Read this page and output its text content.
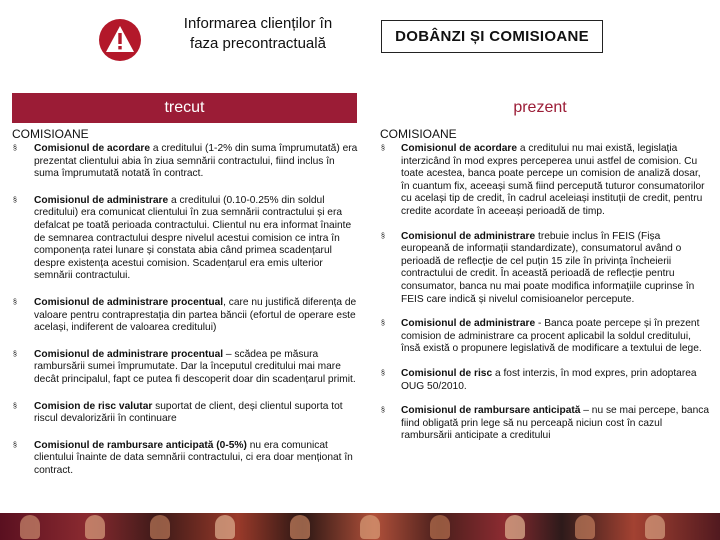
Informarea clienților în
faza precontractuală	DOBÂNZI ȘI COMISIOANE
trecut	prezent
COMISIOANE
§ Comisionul de acordare a creditului (1-2% din suma împrumutată) era prezentat clientului abia în ziua semnării contractului, fiind inclus în suma împrumutată notată în contract.
§ Comisionul de administrare a creditului (0.10-0.25% din soldul creditului) era comunicat clientului în zua semnării contractului și era defalcat pe toată perioada contractului. Clientul nu era informat înainte de semnarea contractului despre nivelul acestui comision ce intra în componența ratei lunare și constata abia când primea scadențarul despre existența acestui comision. Scadențarul era emis ulterior semnării contractului.
§ Comisionul de administrare procentual, care nu justifică diferența de valoare pentru contraprestația din partea băncii (efortul de operare este același, indiferent de valoarea creditului)
§ Comisionul de administrare procentual – scădea pe măsura rambursării sumei împrumutate. Dar la începutul creditului mai mare decât principalul, fapt ce putea fi descoperit doar din scadențarul primit.
§ Comision de risc valutar suportat de client, deși clientul suporta tot riscul devalorizării în continuare
§ Comisionul de rambursare anticipată (0-5%) nu era comunicat clientului înainte de data semnării contractului, ci era doar menționat în contract.
COMISIOANE
§ Comisionul de acordare a creditului nu mai există, legislația interzicând în mod expres perceperea unui astfel de comision. Cu toate acestea, banca poate percepe un comision de analiză dosar, în cuantum fix, aceeași sumă fiind percepută tuturor consumatorilor cu același tip de credit, în cadrul aceleiași instituții de credit, pentru credite acordate în aceeași perioadă de timp.
§ Comisionul de administrare trebuie inclus în FEIS (Fișa europeană de informații standardizate), consumatorul având o perioadă de reflecție de cel puțin 15 zile în privința încheierii contractului de credit. În această perioadă de reflecție pentru consumator, banca nu mai poate modifica informațiile cuprinse în FEIS care indică și nivelul comisioanelor percepute.
§ Comisionul de administrare - Banca poate percepe și în prezent comision de administrare ca procent aplicabil la soldul creditului, însă există o propunere legislativă de modificare a textului de lege.
§ Comisionul de risc a fost interzis, în mod expres, prin adoptarea OUG 50/2010.
§ Comisionul de rambursare anticipată – nu se mai percepe, banca fiind obligată prin lege să nu perceapă niciun cost în cazul rambursării anticipate a creditului
